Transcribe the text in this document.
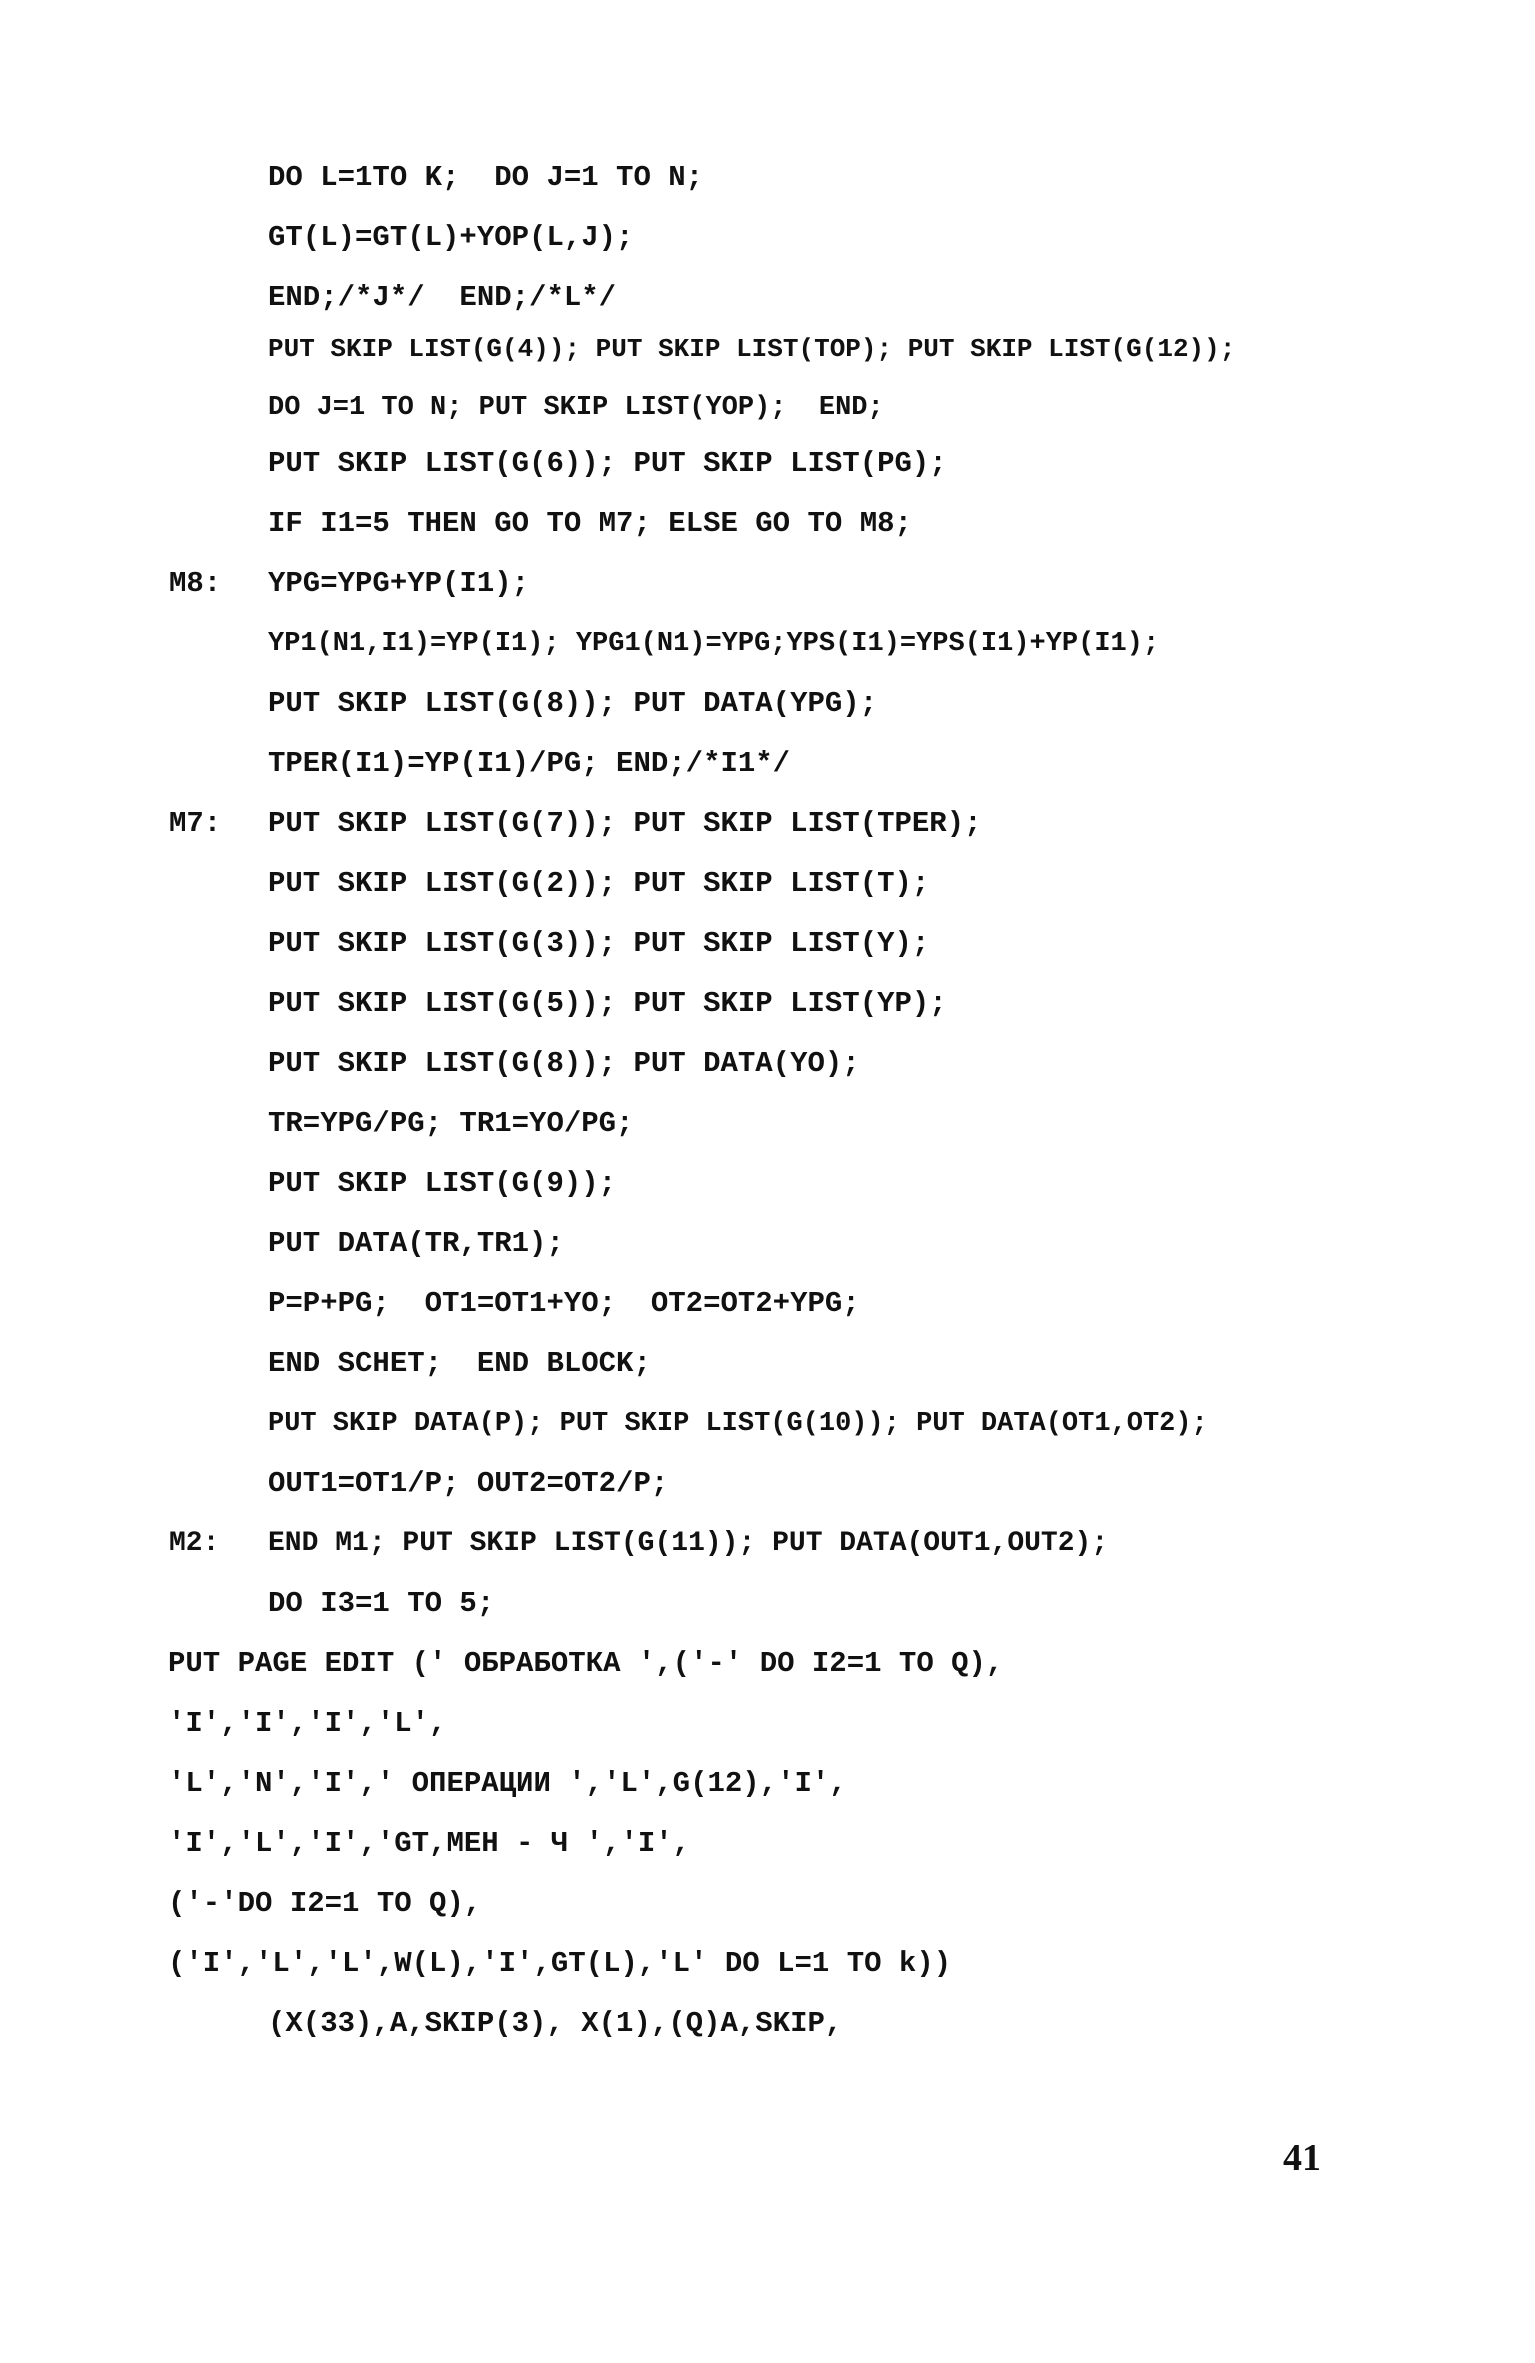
DO L=1TO K;  DO J=1 TO N;
GT(L)=GT(L)+YOP(L,J);
END;/*J*/  END;/*L*/
PUT SKIP LIST(G(4)); PUT SKIP LIST(TOP); PUT SKIP LIST(G(12));
DO J=1 TO N; PUT SKIP LIST(YOP);  END;
PUT SKIP LIST(G(6)); PUT SKIP LIST(PG);
IF I1=5 THEN GO TO M7; ELSE GO TO M8;
M8: YPG=YPG+YP(I1);
YP1(N1,I1)=YP(I1); YPG1(N1)=YPG;YPS(I1)=YPS(I1)+YP(I1);
PUT SKIP LIST(G(8)); PUT DATA(YPG);
TPER(I1)=YP(I1)/PG; END;/*I1*/
M7: PUT SKIP LIST(G(7)); PUT SKIP LIST(TPER);
PUT SKIP LIST(G(2)); PUT SKIP LIST(T);
PUT SKIP LIST(G(3)); PUT SKIP LIST(Y);
PUT SKIP LIST(G(5)); PUT SKIP LIST(YP);
PUT SKIP LIST(G(8)); PUT DATA(YO);
TR=YPG/PG; TR1=YO/PG;
PUT SKIP LIST(G(9));
PUT DATA(TR,TR1);
P=P+PG;  OT1=OT1+YO;  OT2=OT2+YPG;
END SCHET;  END BLOCK;
PUT SKIP DATA(P); PUT SKIP LIST(G(10)); PUT DATA(OT1,OT2);
OUT1=OT1/P; OUT2=OT2/P;
M2: END M1; PUT SKIP LIST(G(11)); PUT DATA(OUT1,OUT2);
DO I3=1 TO 5;
PUT PAGE EDIT (' ОБРАБОТКА ',('-' DO I2=1 TO Q),
'I','I','I','L',
'L','N','I',' ОПЕРАЦИИ ','L',G(12),'I',
'I','L','I','GT,МЕН - Ч ','I',
('-'DO I2=1 TO Q),
('I','L','L',W(L),'I',GT(L),'L' DO L=1 TO k))
(X(33),A,SKIP(3), X(1),(Q)A,SKIP,
41
